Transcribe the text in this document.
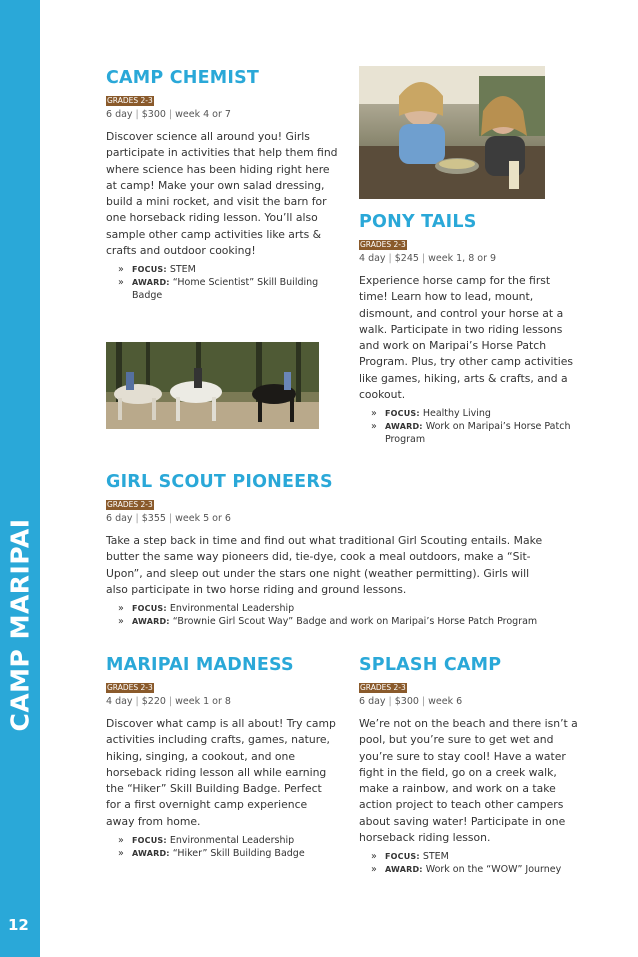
CAMP MARIPAI
12
CAMP CHEMIST
GRADES 2-3
6 day | $300 | week 4 or 7
Discover science all around you! Girls participate in activities that help them find where science has been hiding right here at camp! Make your own salad dressing, build a mini rocket, and visit the barn for one horseback riding lesson. You’ll also sample other camp activities like arts & crafts and outdoor cooking!
» FOCUS: STEM
» AWARD: “Home Scientist” Skill Building Badge
PONY TAILS
GRADES 2-3
4 day | $245 | week 1, 8 or 9
Experience horse camp for the first time! Learn how to lead, mount, dismount, and control your horse at a walk. Participate in two riding lessons and work on Maripai’s Horse Patch Program. Plus, try other camp activities like games, hiking, arts & crafts, and a cookout.
» FOCUS: Healthy Living
» AWARD: Work on Maripai’s Horse Patch Program
GIRL SCOUT PIONEERS
GRADES 2-3
6 day | $355 | week 5 or 6
Take a step back in time and find out what traditional Girl Scouting entails. Make butter the same way pioneers did, tie-dye, cook a meal outdoors, make a “Sit-Upon”, and sleep out under the stars one night (weather permitting). Girls will also participate in two horse riding and ground lessons.
» FOCUS: Environmental Leadership
» AWARD: “Brownie Girl Scout Way” Badge and work on Maripai’s Horse Patch Program
MARIPAI MADNESS
GRADES 2-3
4 day | $220 | week 1 or 8
Discover what camp is all about! Try camp activities including crafts, games, nature, hiking, singing, a cookout, and one horseback riding lesson all while earning the “Hiker” Skill Building Badge. Perfect for a first overnight camp experience away from home.
» FOCUS: Environmental Leadership
» AWARD: “Hiker” Skill Building Badge
SPLASH CAMP
GRADES 2-3
6 day | $300 | week 6
We’re not on the beach and there isn’t a pool, but you’re sure to get wet and you’re sure to stay cool! Have a water fight in the field, go on a creek walk, make a rainbow, and work on a take action project to teach other campers about saving water! Participate in one horseback riding lesson.
» FOCUS: STEM
» AWARD: Work on the “WOW” Journey
